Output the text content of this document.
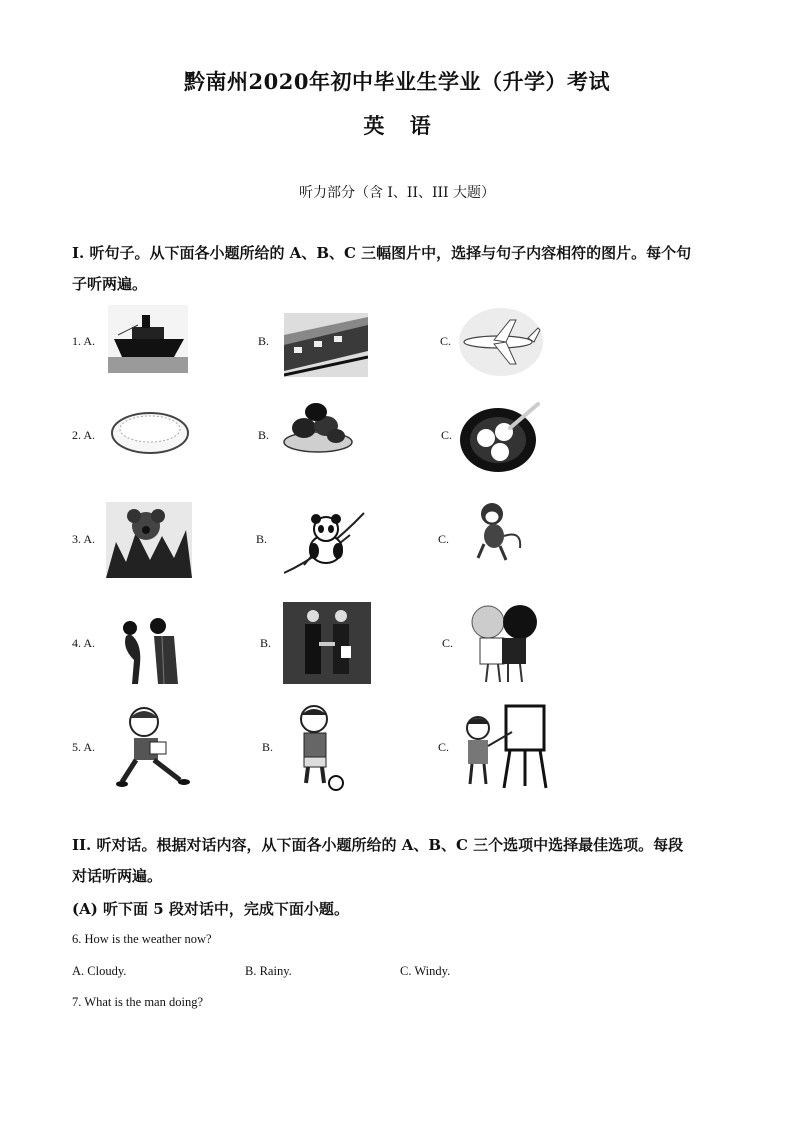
黔南州2020年初中毕业生学业（升学）考试
英 语
听力部分（含 I、II、III 大题）
I. 听句子。从下面各小题所给的 A、B、C 三幅图片中，选择与句子内容相符的图片。每个句
子听两遍。
1. A.	B.	C.
2. A.	B.	C.
3. A.	B.	C.
4. A.	B.	C.
5. A.	B.	C.
II. 听对话。根据对话内容，从下面各小题所给的 A、B、C 三个选项中选择最佳选项。每段
对话听两遍。
(A) 听下面 5 段对话中，完成下面小题。
6. How is the weather now?
A. Cloudy.	B. Rainy.	C. Windy.
7. What is the man doing?
